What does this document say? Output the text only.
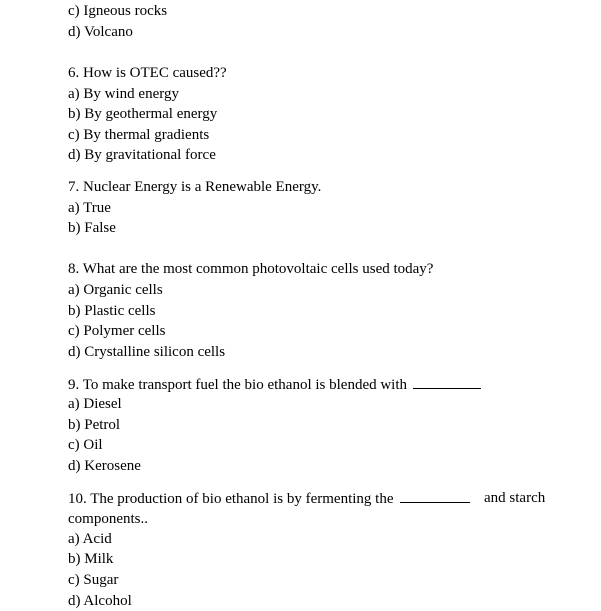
c) Igneous rocks
d) Volcano
6. How is OTEC caused??
a) By wind energy
b) By geothermal energy
c) By thermal gradients
d) By gravitational force
7. Nuclear Energy is a Renewable Energy.
a) True
b) False
8. What are the most common photovoltaic cells used today?
a) Organic cells
b) Plastic cells
c) Polymer cells
d) Crystalline silicon cells
9. To make transport fuel the bio ethanol is blended with
a) Diesel
b) Petrol
c) Oil
d) Kerosene
10. The production of bio ethanol is by fermenting the	and starch
components..
a) Acid
b) Milk
c) Sugar
d) Alcohol
